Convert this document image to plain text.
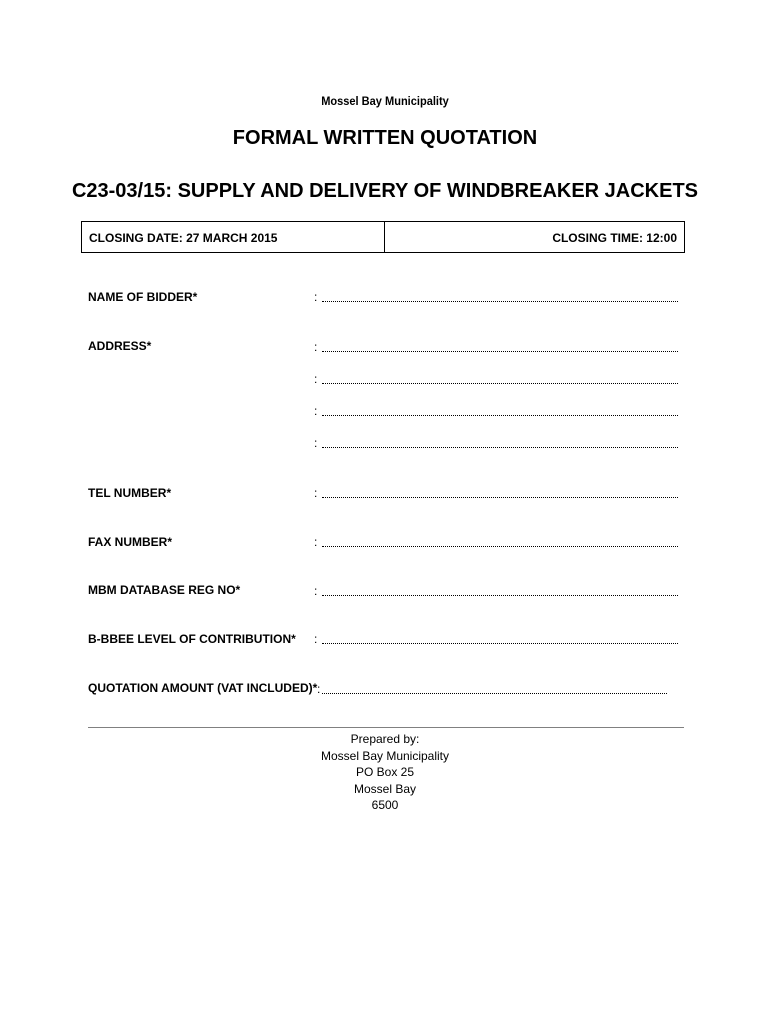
Mossel Bay Municipality
FORMAL WRITTEN QUOTATION
C23-03/15: SUPPLY AND DELIVERY OF WINDBREAKER JACKETS
CLOSING DATE: 27 MARCH 2015	CLOSING TIME: 12:00
NAME OF BIDDER*	:
ADDRESS*	:
:
:
:
TEL NUMBER*	:
FAX NUMBER*	:
MBM DATABASE REG NO*	:
B-BBEE LEVEL OF CONTRIBUTION* :
QUOTATION AMOUNT (VAT INCLUDED)* :
Prepared by:
Mossel Bay Municipality
PO Box 25
Mossel Bay
6500
